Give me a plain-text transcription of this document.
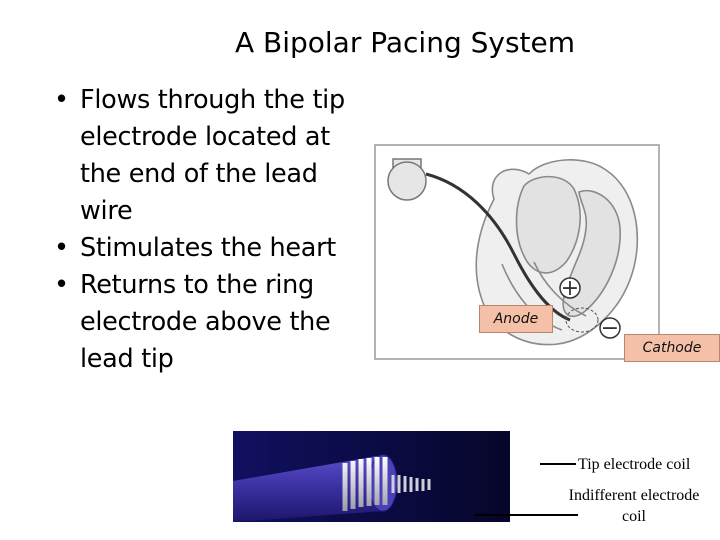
A Bipolar Pacing System
• Flows through the tip electrode located at the end of the lead wire
• Stimulates the heart
• Returns to the ring electrode above the lead tip
+
−
Anode
Cathode
Tip electrode coil
Indifferent electrode coil
